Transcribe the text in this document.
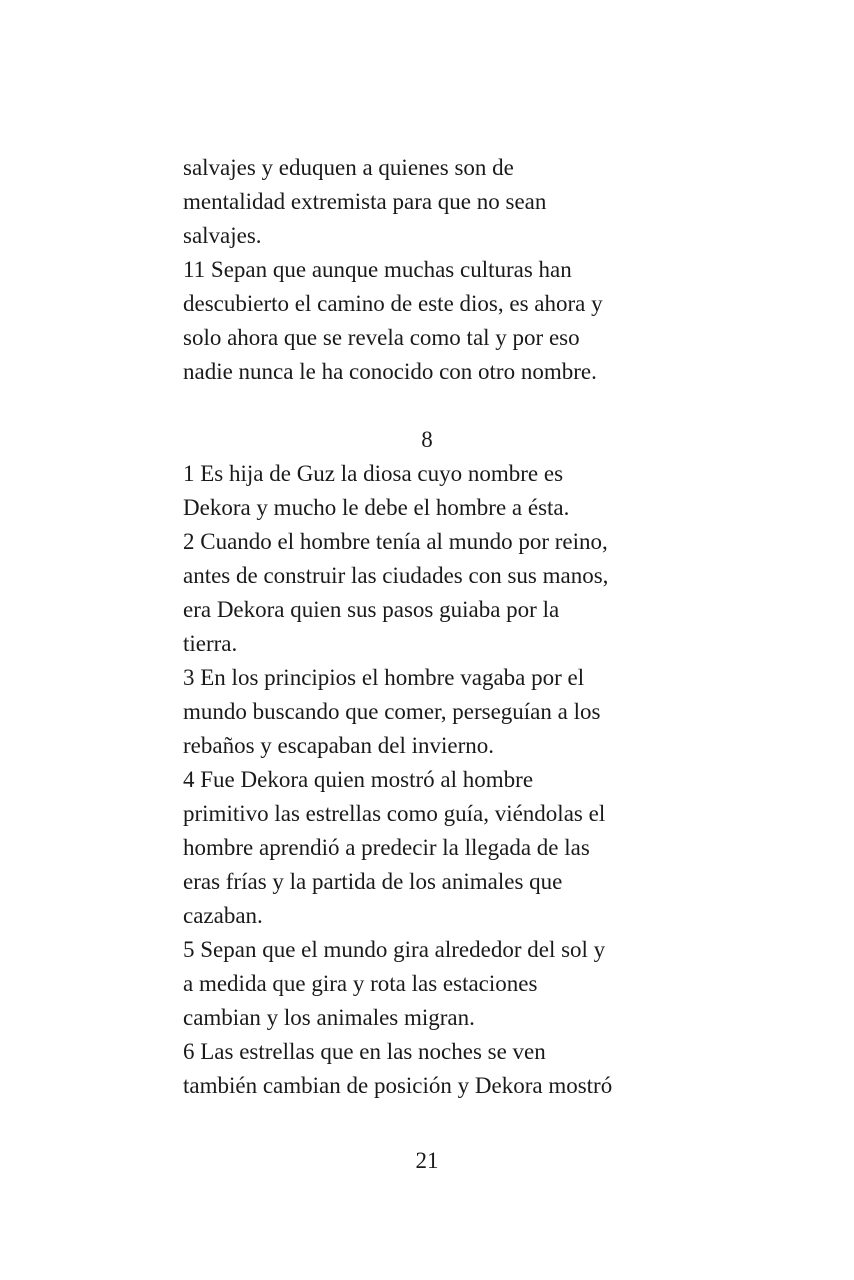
salvajes y eduquen a quienes son de
mentalidad extremista para que no sean
salvajes.
11 Sepan que aunque muchas culturas han
descubierto el camino de este dios, es ahora y
solo ahora que se revela como tal y por eso
nadie nunca le ha conocido con otro nombre.
8
1 Es hija de Guz la diosa cuyo nombre es
Dekora y mucho le debe el hombre a ésta.
2 Cuando el hombre tenía al mundo por reino,
antes de construir las ciudades con sus manos,
era Dekora quien sus pasos guiaba por la
tierra.
3 En los principios el hombre vagaba por el
mundo buscando que comer, perseguían a los
rebaños y escapaban del invierno.
4 Fue Dekora quien mostró al hombre
primitivo las estrellas como guía, viéndolas el
hombre aprendió a predecir la llegada de las
eras frías y la partida de los animales que
cazaban.
5 Sepan que el mundo gira alrededor del sol y
a medida que gira y rota las estaciones
cambian y los animales migran.
6 Las estrellas que en las noches se ven
también cambian de posición y Dekora mostró
21
